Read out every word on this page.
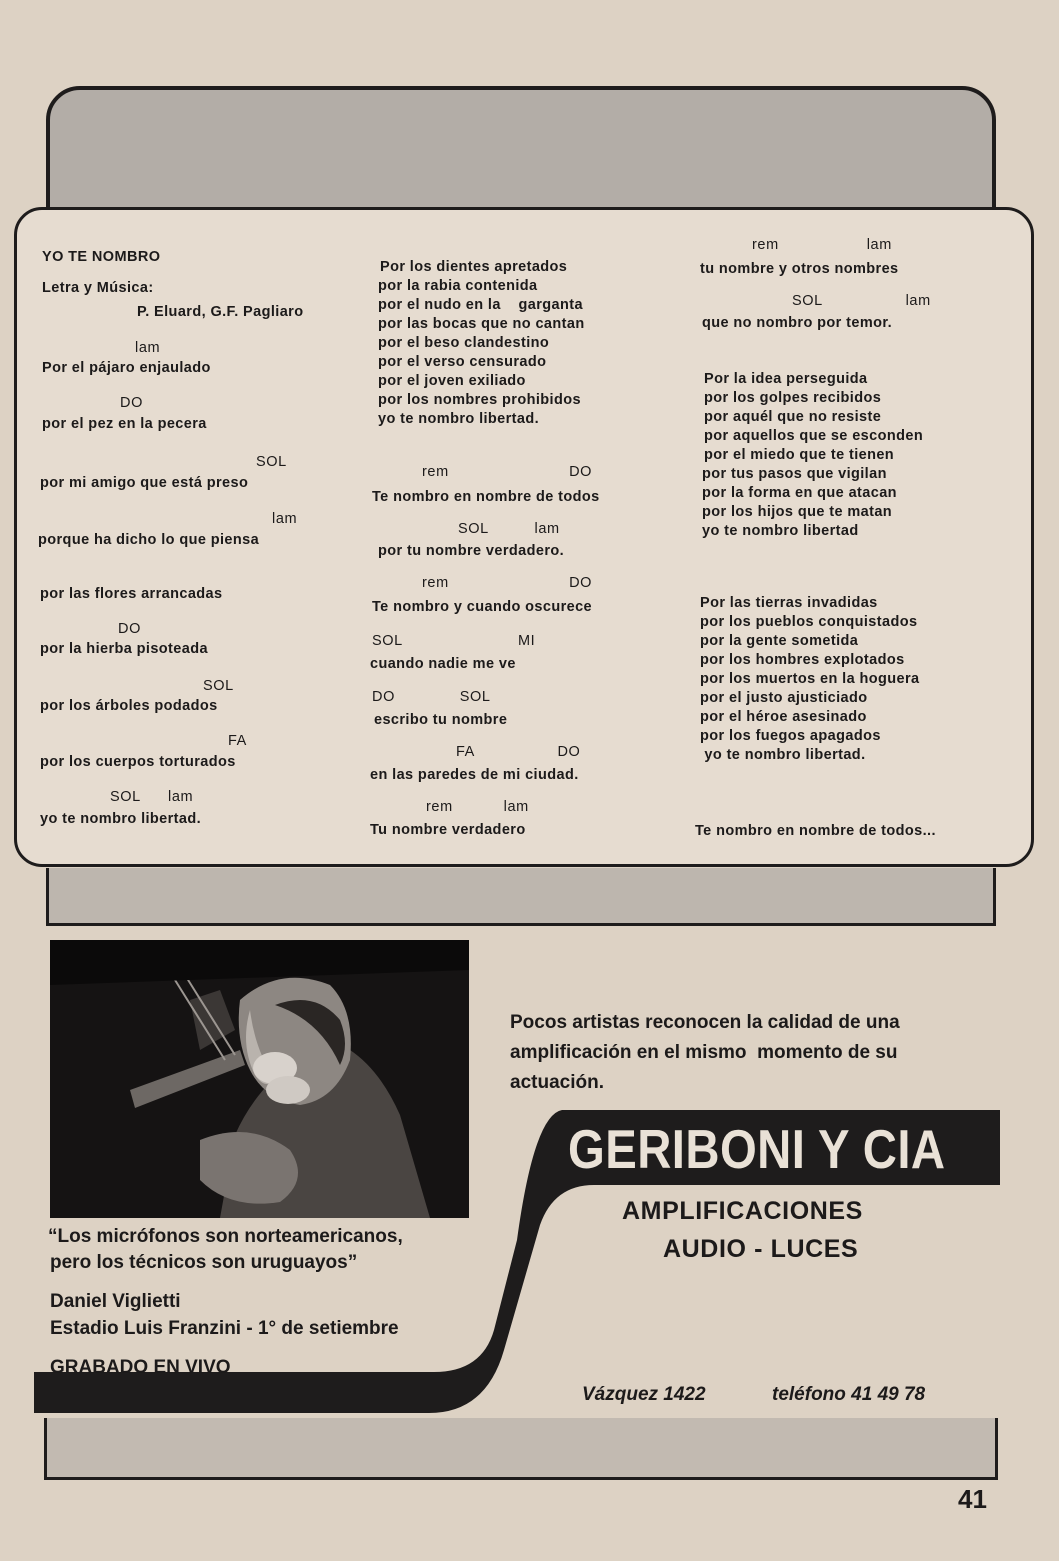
YO TE NOMBRO
Letra y Música:
P. Eluard, G.F. Pagliaro
lam
Por el pájaro enjaulado
DO
por el pez en la pecera
SOL
por mi amigo que está preso
lam
porque ha dicho lo que piensa
por las flores arrancadas
DO
por la hierba pisoteada
SOL
por los árboles podados
FA
por los cuerpos torturados
SOL      lam
yo te nombro libertad.
Por los dientes apretados
por la rabia contenida
por el nudo en la    garganta
por las bocas que no cantan
por el beso clandestino
por el verso censurado
por el joven exiliado
por los nombres prohibidos
yo te nombro libertad.
rem                          DO
Te nombro en nombre de todos
SOL          lam
por tu nombre verdadero.
rem                          DO
Te nombro y cuando oscurece
SOL                         MI
cuando nadie me ve
DO              SOL
escribo tu nombre
FA                  DO
en las paredes de mi ciudad.
rem           lam
Tu nombre verdadero
rem                   lam
tu nombre y otros nombres
SOL                  lam
que no nombro por temor.
Por la idea perseguida
por los golpes recibidos
por aquél que no resiste
por aquellos que se esconden
por el miedo que te tienen
por tus pasos que vigilan
por la forma en que atacan
por los hijos que te matan
yo te nombro libertad
Por las tierras invadidas
por los pueblos conquistados
por la gente sometida
por los hombres explotados
por los muertos en la hoguera
por el justo ajusticiado
por el héroe asesinado
por los fuegos apagados
yo te nombro libertad.
Te nombro en nombre de todos...
Pocos artistas reconocen la calidad de una
amplificación en el mismo  momento de su
actuación.
GERIBONI Y CIA
AMPLIFICACIONES
AUDIO - LUCES
“Los micrófonos son norteamericanos,
pero los técnicos son uruguayos”
Daniel Viglietti
Estadio Luis Franzini - 1° de setiembre
GRABADO EN VIVO
Vázquez 1422	teléfono 41 49 78
41
